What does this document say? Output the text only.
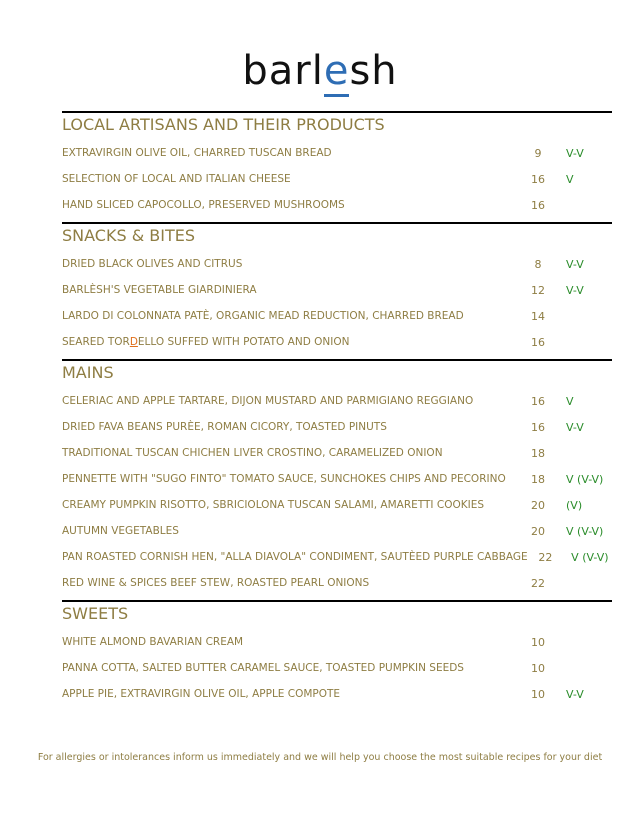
barlesh
LOCAL ARTISANS AND THEIR PRODUCTS
EXTRAVIRGIN OLIVE OIL, CHARRED TUSCAN BREAD	9	V-V
SELECTION OF LOCAL AND ITALIAN CHEESE	16	V
HAND SLICED CAPOCOLLO, PRESERVED MUSHROOMS	16
SNACKS & BITES
DRIED BLACK OLIVES AND CITRUS	8	V-V
BARLÈSH'S VEGETABLE GIARDINIERA	12	V-V
LARDO DI COLONNATA PATÈ, ORGANIC MEAD REDUCTION, CHARRED BREAD	14
SEARED TORDELLO SUFFED WITH POTATO AND ONION	16
MAINS
CELERIAC AND APPLE TARTARE, DIJON MUSTARD AND PARMIGIANO REGGIANO	16	V
DRIED FAVA BEANS PURÈE, ROMAN CICORY, TOASTED PINUTS	16	V-V
TRADITIONAL TUSCAN CHICHEN LIVER CROSTINO, CARAMELIZED ONION	18
PENNETTE WITH "SUGO FINTO" TOMATO SAUCE, SUNCHOKES CHIPS AND PECORINO	18	V (V-V)
CREAMY PUMPKIN RISOTTO, SBRICIOLONA TUSCAN SALAMI, AMARETTI COOKIES	20	(V)
AUTUMN VEGETABLES	20	V (V-V)
PAN ROASTED CORNISH HEN, "ALLA DIAVOLA" CONDIMENT, SAUTÈED PURPLE CABBAGE 22	V (V-V)
RED WINE & SPICES BEEF STEW, ROASTED PEARL ONIONS	22
SWEETS
WHITE ALMOND BAVARIAN CREAM	10
PANNA COTTA, SALTED BUTTER CARAMEL SAUCE, TOASTED PUMPKIN SEEDS	10
APPLE PIE, EXTRAVIRGIN OLIVE OIL, APPLE COMPOTE	10	V-V
For allergies or intolerances inform us immediately and we will help you choose the most suitable recipes for your diet
